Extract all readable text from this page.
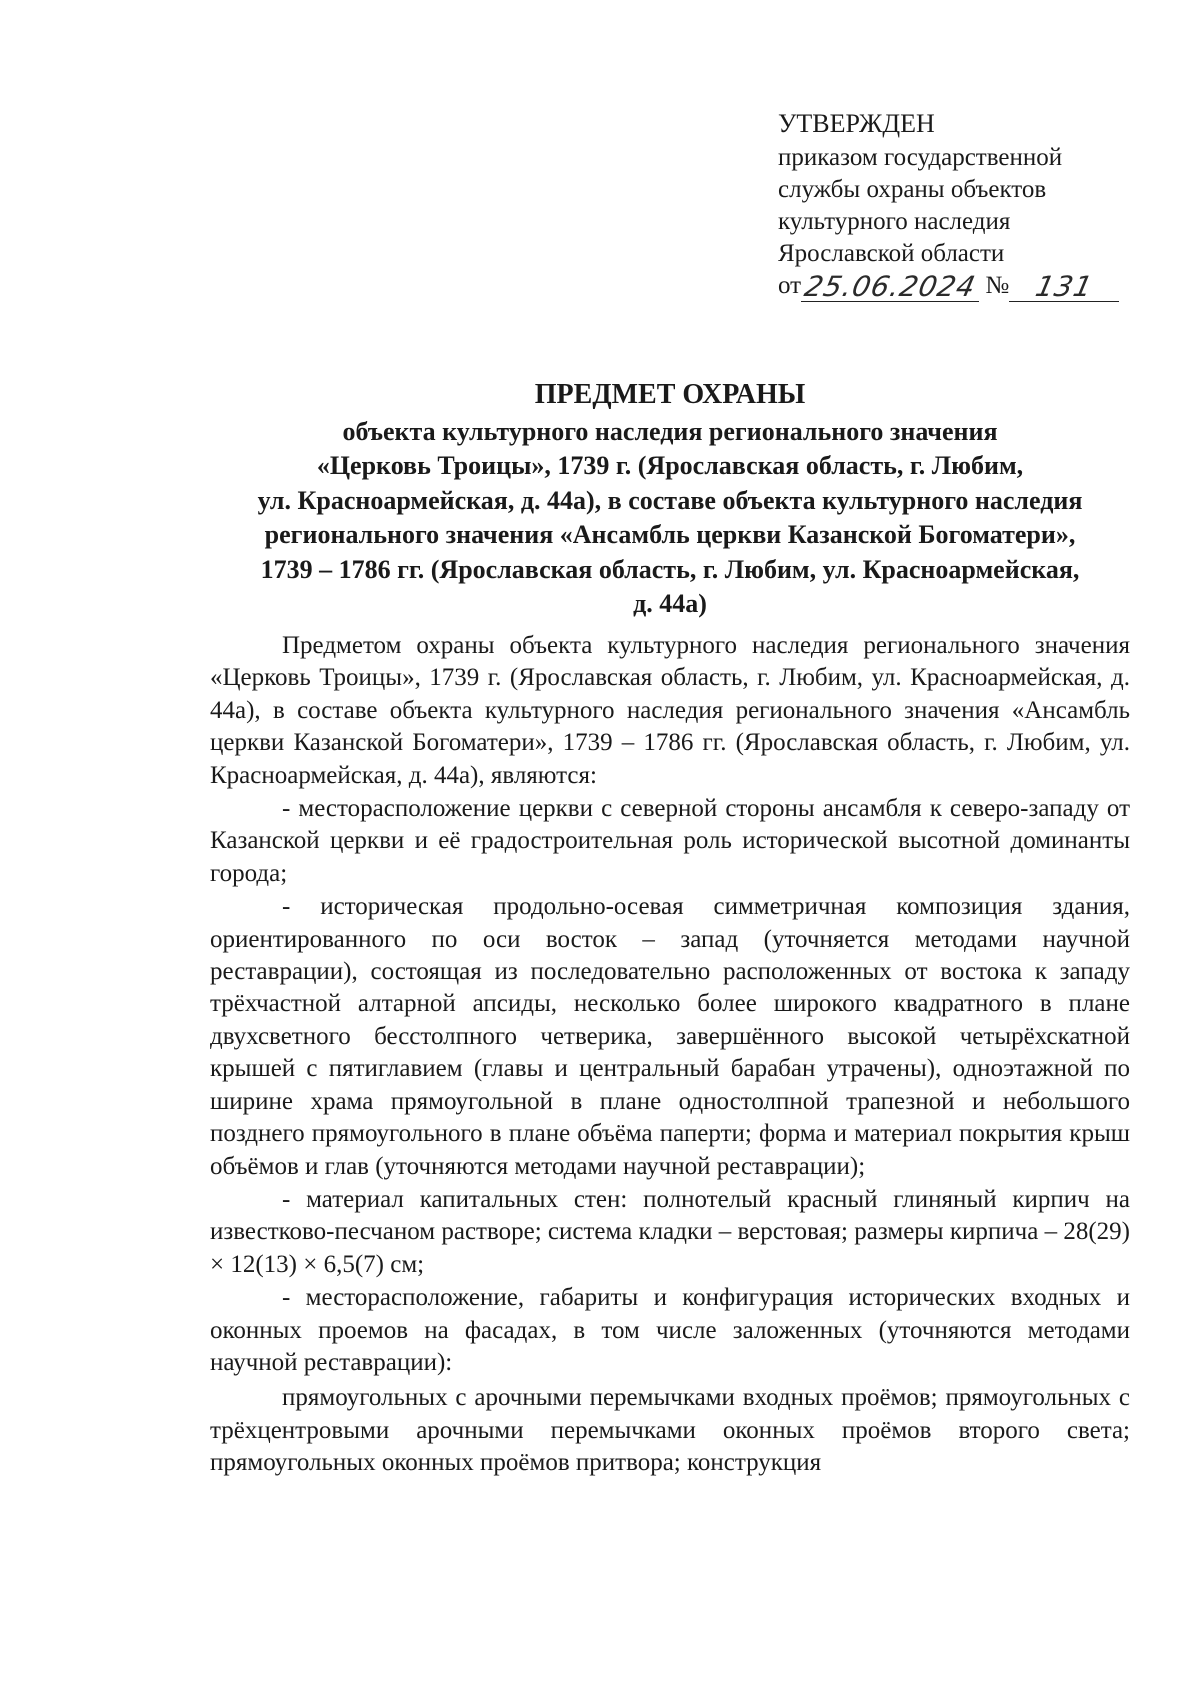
УТВЕРЖДЕН
приказом государственной
службы охраны объектов
культурного наследия
Ярославской области
от25.06.2024 № 131
ПРЕДМЕТ ОХРАНЫ
объекта культурного наследия регионального значения
«Церковь Троицы», 1739 г. (Ярославская область, г. Любим,
ул. Красноармейская, д. 44а), в составе объекта культурного наследия
регионального значения «Ансамбль церкви Казанской Богоматери»,
1739 – 1786 гг. (Ярославская область, г. Любим, ул. Красноармейская,
д. 44а)

Предметом охраны объекта культурного наследия регионального значения «Церковь Троицы», 1739 г. (Ярославская область, г. Любим, ул. Красноармейская, д. 44а), в составе объекта культурного наследия регионального значения «Ансамбль церкви Казанской Богоматери», 1739 – 1786 гг. (Ярославская область, г. Любим, ул. Красноармейская, д. 44а), являются:

- месторасположение церкви с северной стороны ансамбля к северо-западу от Казанской церкви и её градостроительная роль исторической высотной доминанты города;

- историческая продольно-осевая симметричная композиция здания, ориентированного по оси восток – запад (уточняется методами научной реставрации), состоящая из последовательно расположенных от востока к западу трёхчастной алтарной апсиды, несколько более широкого квадратного в плане двухсветного бесстолпного четверика, завершённого высокой четырёхскатной крышей с пятиглавием (главы и центральный барабан утрачены), одноэтажной по ширине храма прямоугольной в плане одностолпной трапезной и небольшого позднего прямоугольного в плане объёма паперти; форма и материал покрытия крыш объёмов и глав (уточняются методами научной реставрации);

- материал капитальных стен: полнотелый красный глиняный кирпич на известково-песчаном растворе; система кладки – верстовая; размеры кирпича – 28(29) × 12(13) × 6,5(7) см;

- месторасположение, габариты и конфигурация исторических входных и оконных проемов на фасадах, в том числе заложенных (уточняются методами научной реставрации):

прямоугольных с арочными перемычками входных проёмов; прямоугольных с трёхцентровыми арочными перемычками оконных проёмов второго света; прямоугольных оконных проёмов притвора; конструкция
